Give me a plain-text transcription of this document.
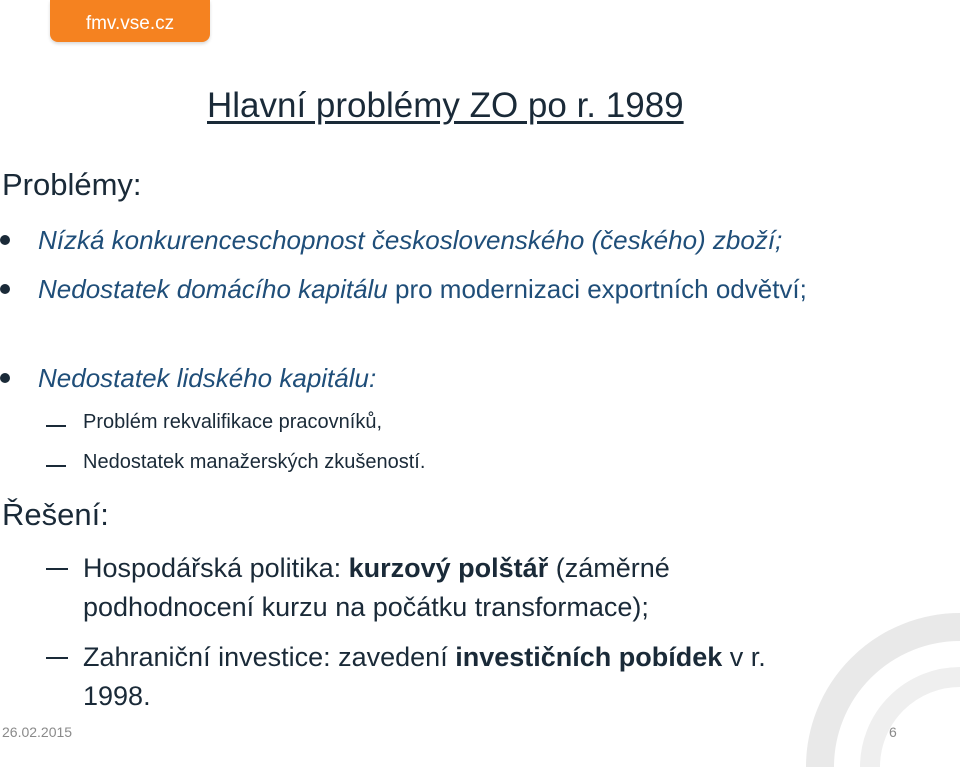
fmv.vse.cz
Hlavní problémy ZO po r. 1989
Problémy:
Nízká konkurenceschopnost československého (českého) zboží;
Nedostatek domácího kapitálu pro modernizaci exportních odvětví;
Nedostatek lidského kapitálu:
Problém rekvalifikace pracovníků,
Nedostatek manažerských zkušeností.
Řešení:
Hospodářská politika: kurzový polštář (záměrné podhodnocení kurzu na počátku transformace);
Zahraniční investice: zavedení investičních pobídek v r. 1998.
26.02.2015	6
